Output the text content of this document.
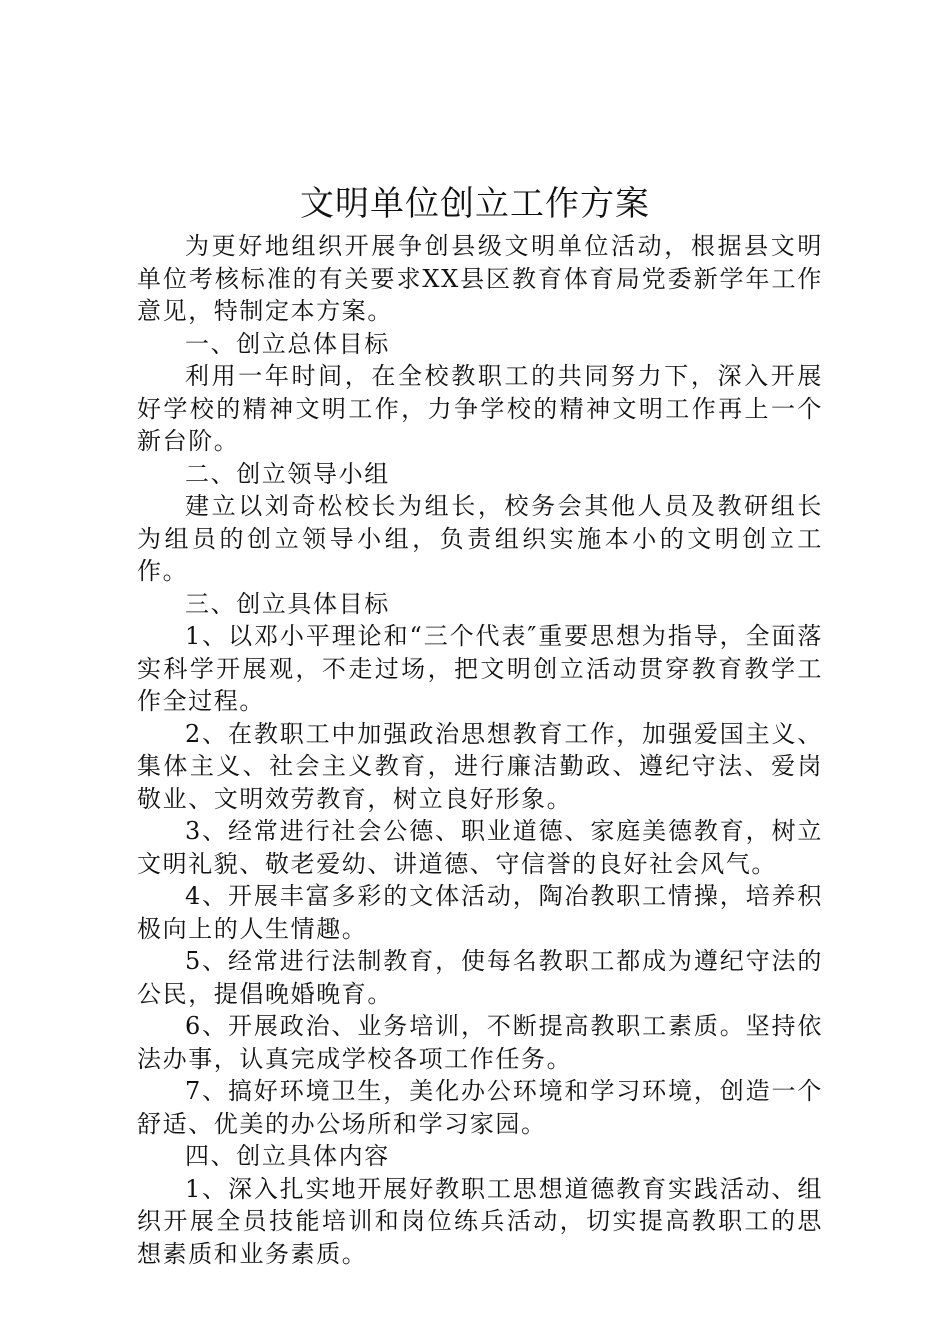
文明单位创立工作方案

为更好地组织开展争创县级文明单位活动，根据县文明单位考核标准的有关要求XX县区教育体育局党委新学年工作意见，特制定本方案。

一、创立总体目标

利用一年时间，在全校教职工的共同努力下，深入开展好学校的精神文明工作，力争学校的精神文明工作再上一个新台阶。

二、创立领导小组

建立以刘奇松校长为组长，校务会其他人员及教研组长为组员的创立领导小组，负责组织实施本小的文明创立工作。

三、创立具体目标

1、以邓小平理论和“三个代表″重要思想为指导，全面落实科学开展观，不走过场，把文明创立活动贯穿教育教学工作全过程。

2、在教职工中加强政治思想教育工作，加强爱国主义、集体主义、社会主义教育，进行廉洁勤政、遵纪守法、爱岗敬业、文明效劳教育，树立良好形象。

3、经常进行社会公德、职业道德、家庭美德教育，树立文明礼貌、敬老爱幼、讲道德、守信誉的良好社会风气。

4、开展丰富多彩的文体活动，陶冶教职工情操，培养积极向上的人生情趣。

5、经常进行法制教育，使每名教职工都成为遵纪守法的公民，提倡晚婚晚育。

6、开展政治、业务培训，不断提高教职工素质。坚持依法办事，认真完成学校各项工作任务。

7、搞好环境卫生，美化办公环境和学习环境，创造一个舒适、优美的办公场所和学习家园。

四、创立具体内容

1、深入扎实地开展好教职工思想道德教育实践活动、组织开展全员技能培训和岗位练兵活动，切实提高教职工的思想素质和业务素质。
